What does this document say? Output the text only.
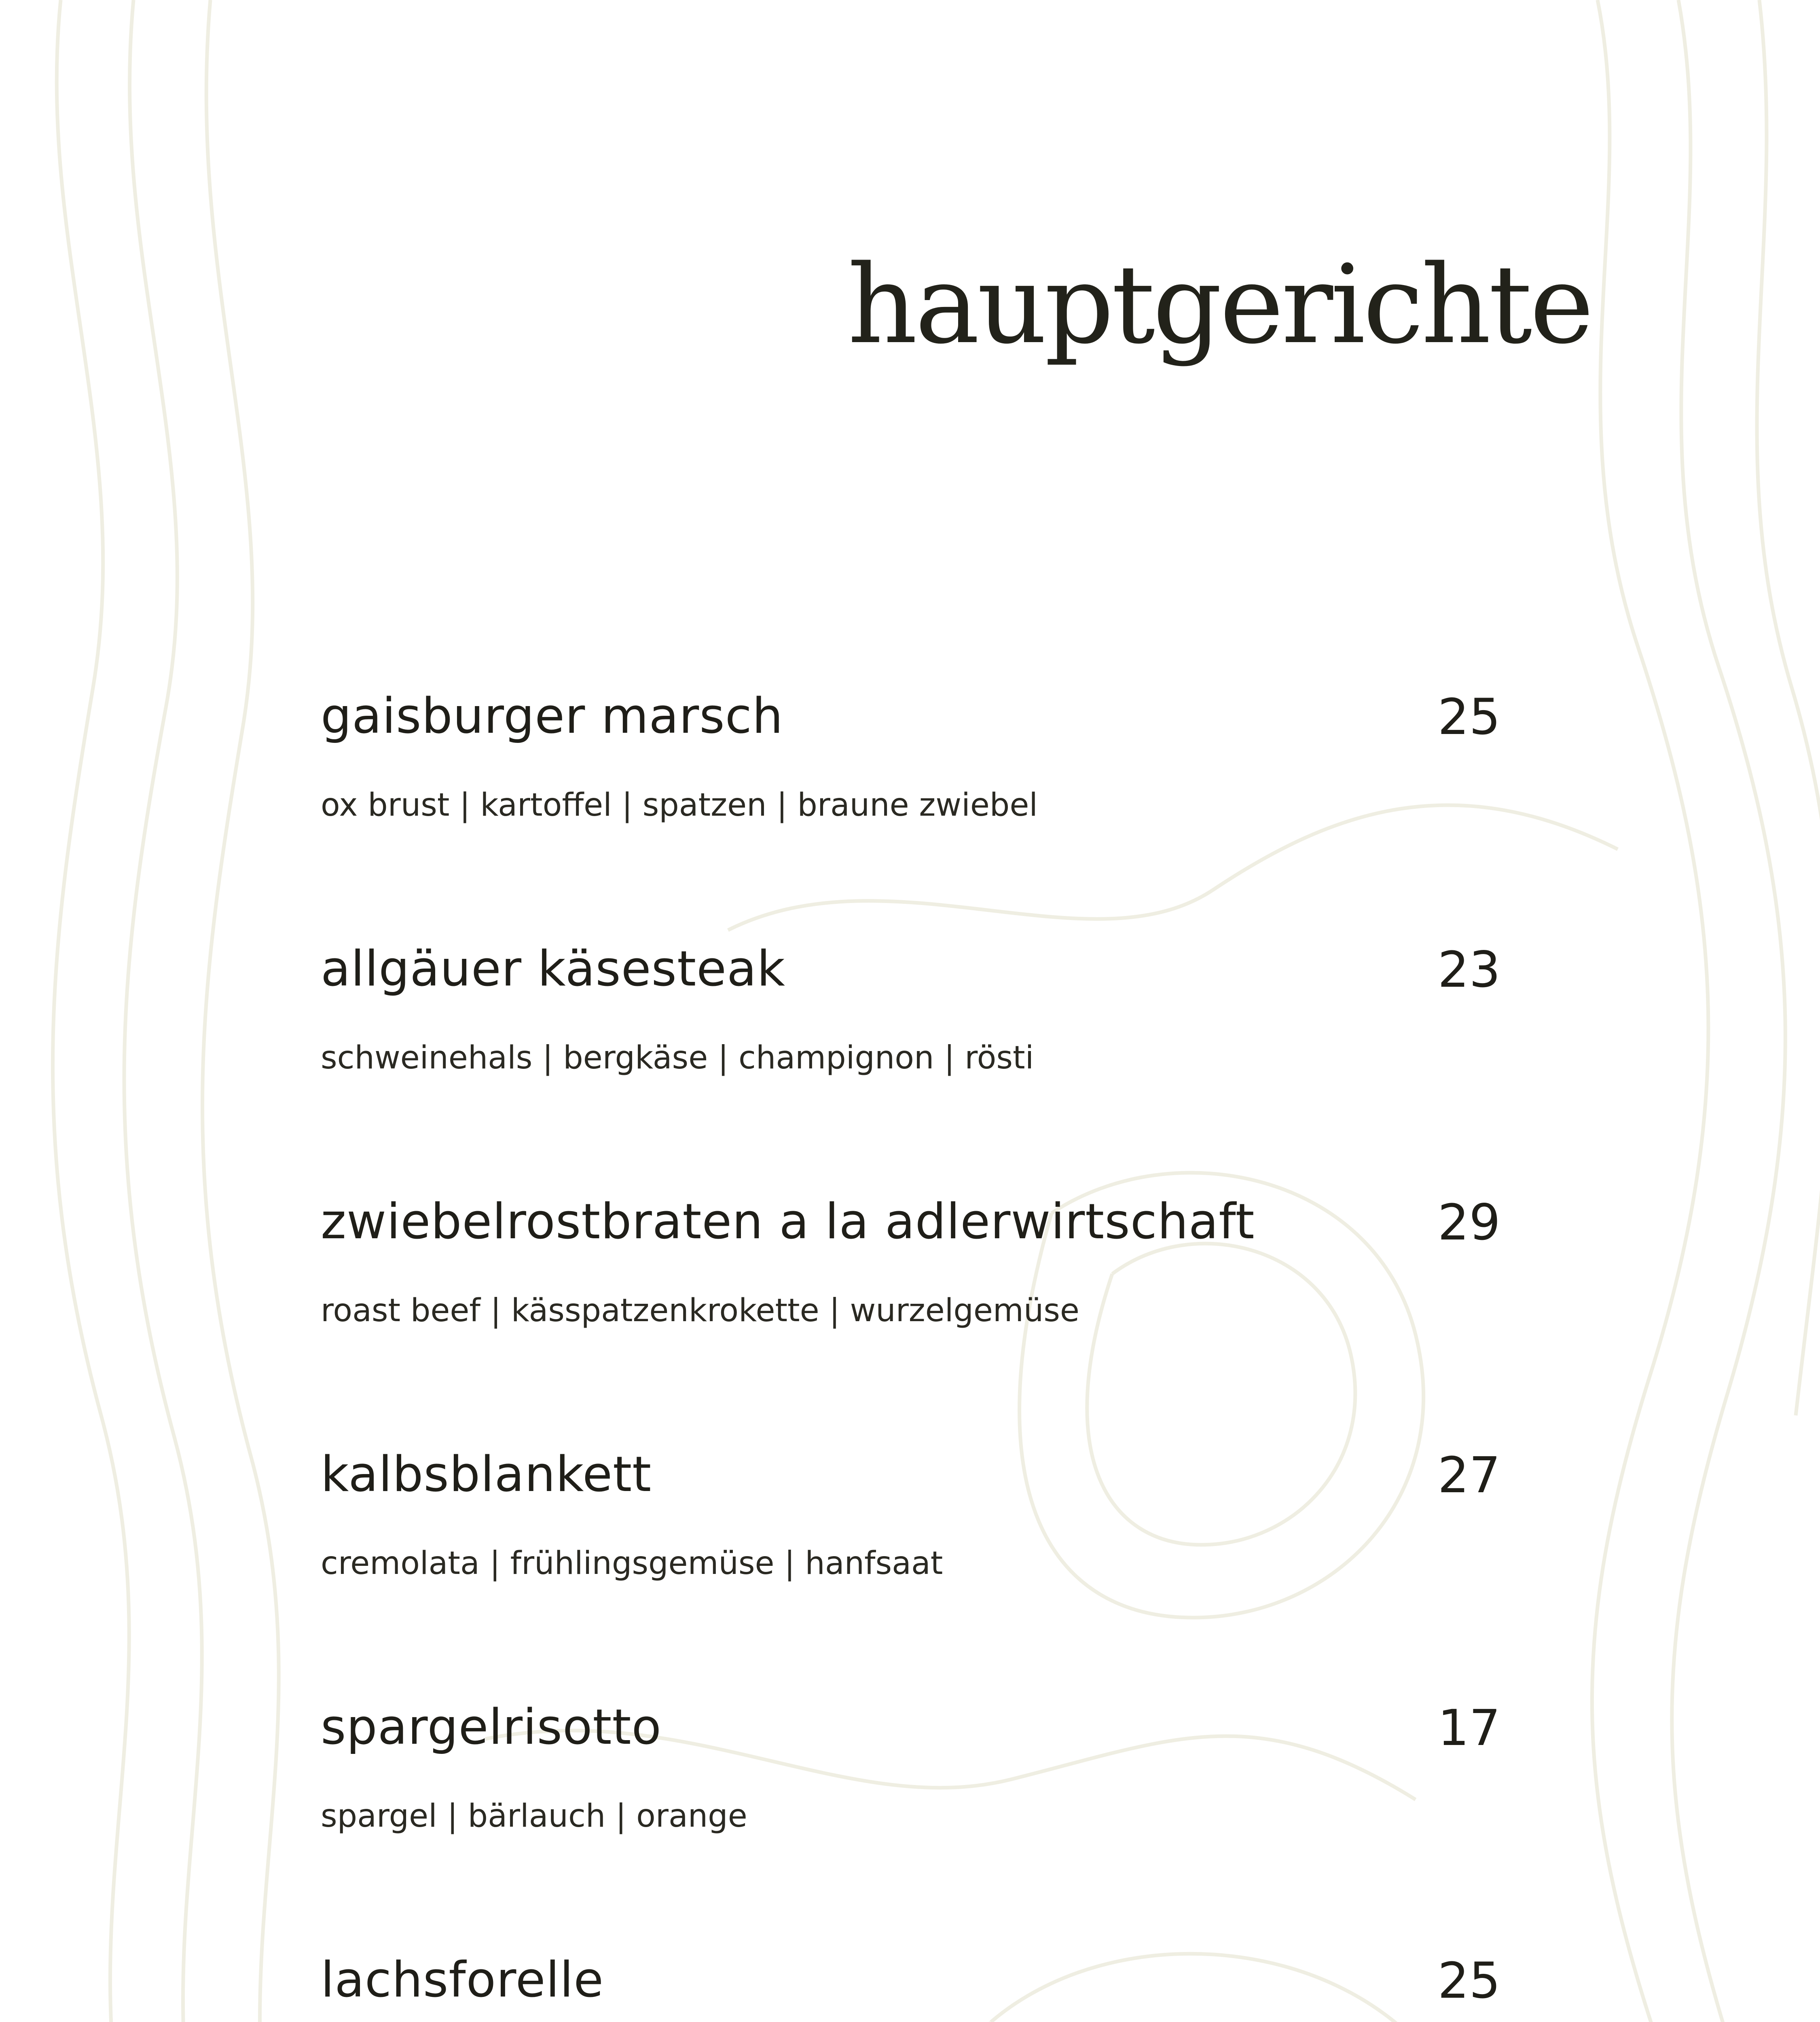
hauptgerichte
gaisburger marsch	25
ox brust | kartoffel | spatzen | braune zwiebel
allgäuer käsesteak	23
schweinehals | bergkäse | champignon | rösti
zwiebelrostbraten a la adlerwirtschaft	29
roast beef | kässpatzenkrokette | wurzelgemüse
kalbsblankett	27
cremolata | frühlingsgemüse | hanfsaat
spargelrisotto	17
spargel | bärlauch | orange
lachsforelle	25
